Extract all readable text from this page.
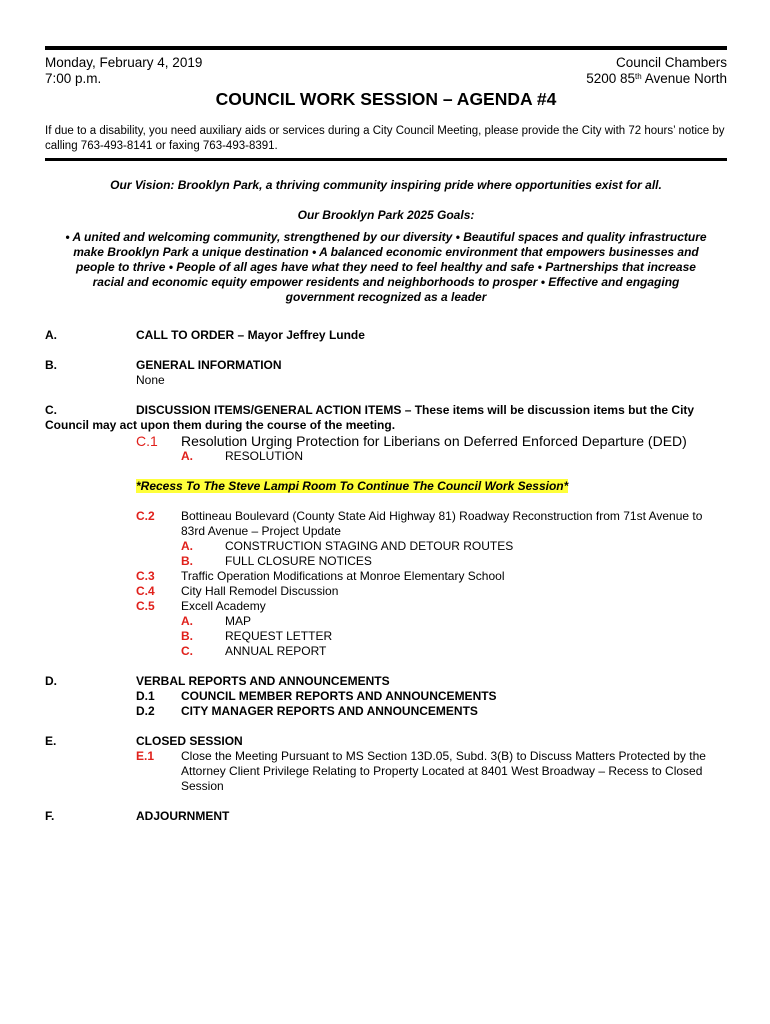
Monday, February 4, 2019
7:00 p.m.
Council Chambers
5200 85th Avenue North
COUNCIL WORK SESSION – AGENDA #4
If due to a disability, you need auxiliary aids or services during a City Council Meeting, please provide the City with 72 hours’ notice by calling 763-493-8141 or faxing 763-493-8391.
Our Vision: Brooklyn Park, a thriving community inspiring pride where opportunities exist for all.
Our Brooklyn Park 2025 Goals:
• A united and welcoming community, strengthened by our diversity • Beautiful spaces and quality infrastructure make Brooklyn Park a unique destination • A balanced economic environment that empowers businesses and people to thrive • People of all ages have what they need to feel healthy and safe • Partnerships that increase racial and economic equity empower residents and neighborhoods to prosper • Effective and engaging government recognized as a leader
A.	CALL TO ORDER – Mayor Jeffrey Lunde
B.	GENERAL INFORMATION
None
C.	DISCUSSION ITEMS/GENERAL ACTION ITEMS – These items will be discussion items but the City Council may act upon them during the course of the meeting.
C.1 Resolution Urging Protection for Liberians on Deferred Enforced Departure (DED)
A.	RESOLUTION
*Recess To The Steve Lampi Room To Continue The Council Work Session*
C.2 Bottineau Boulevard (County State Aid Highway 81) Roadway Reconstruction from 71st Avenue to 83rd Avenue – Project Update
A.	CONSTRUCTION STAGING AND DETOUR ROUTES
B.	FULL CLOSURE NOTICES
C.3 Traffic Operation Modifications at Monroe Elementary School
C.4 City Hall Remodel Discussion
C.5 Excell Academy
A.	MAP
B.	REQUEST LETTER
C.	ANNUAL REPORT
D.	VERBAL REPORTS AND ANNOUNCEMENTS
D.1 COUNCIL MEMBER REPORTS AND ANNOUNCEMENTS
D.2 CITY MANAGER REPORTS AND ANNOUNCEMENTS
E.	CLOSED SESSION
E.1 Close the Meeting Pursuant to MS Section 13D.05, Subd. 3(B) to Discuss Matters Protected by the Attorney Client Privilege Relating to Property Located at 8401 West Broadway – Recess to Closed Session
F.	ADJOURNMENT
